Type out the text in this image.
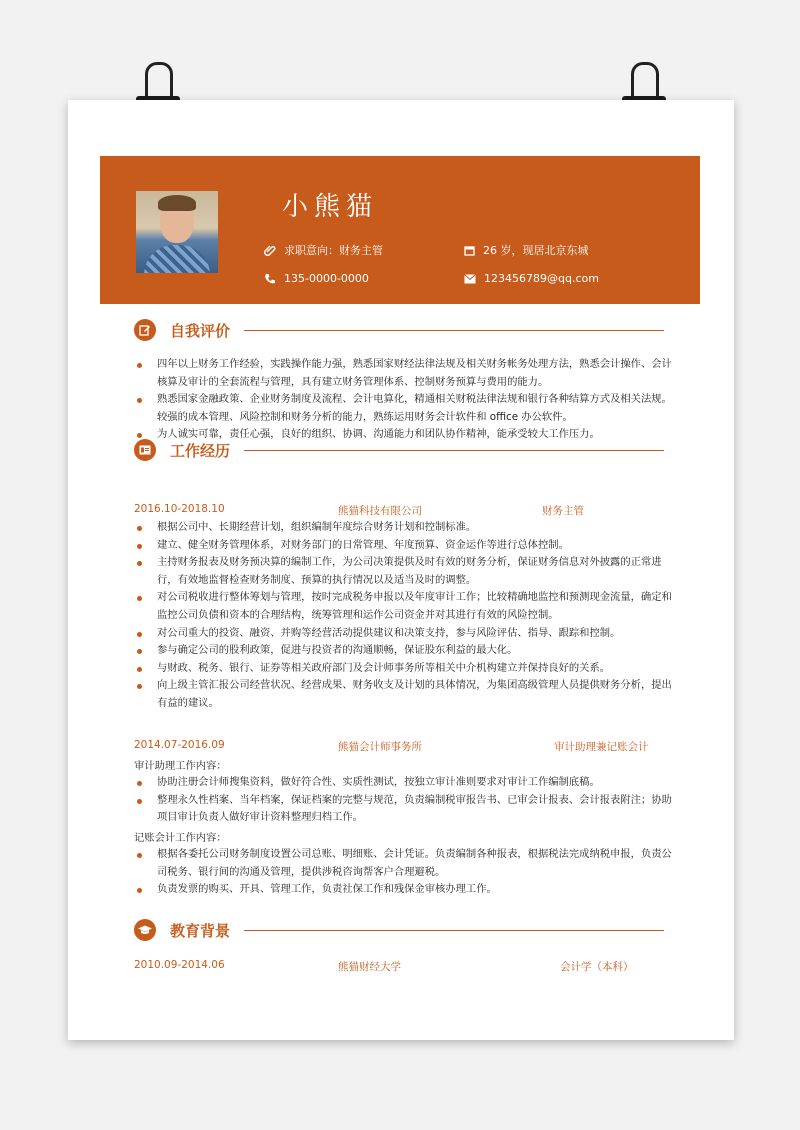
小熊猫
求职意向：财务主管	26 岁，现居北京东城
135-0000-0000	123456789@qq.com
自我评价
四年以上财务工作经验，实践操作能力强，熟悉国家财经法律法规及相关财务帐务处理方法，熟悉会计操作、会计核算及审计的全套流程与管理，具有建立财务管理体系、控制财务预算与费用的能力。
熟悉国家金融政策、企业财务制度及流程、会计电算化，精通相关财税法律法规和银行各种结算方式及相关法规。较强的成本管理、风险控制和财务分析的能力，熟练运用财务会计软件和 office 办公软件。
为人诚实可靠，责任心强，良好的组织、协调、沟通能力和团队协作精神，能承受较大工作压力。
工作经历
2016.10-2018.10	熊猫科技有限公司	财务主管
根据公司中、长期经营计划，组织编制年度综合财务计划和控制标准。
建立、健全财务管理体系，对财务部门的日常管理、年度预算、资金运作等进行总体控制。
主持财务报表及财务预决算的编制工作，为公司决策提供及时有效的财务分析，保证财务信息对外披露的正常进行，有效地监督检查财务制度、预算的执行情况以及适当及时的调整。
对公司税收进行整体筹划与管理，按时完成税务申报以及年度审计工作；比较精确地监控和预测现金流量，确定和监控公司负债和资本的合理结构，统筹管理和运作公司资金并对其进行有效的风险控制。
对公司重大的投资、融资、并购等经营活动提供建议和决策支持，参与风险评估、指导、跟踪和控制。
参与确定公司的股利政策，促进与投资者的沟通顺畅，保证股东利益的最大化。
与财政、税务、银行、证券等相关政府部门及会计师事务所等相关中介机构建立并保持良好的关系。
向上级主管汇报公司经营状况、经营成果、财务收支及计划的具体情况，为集团高级管理人员提供财务分析，提出有益的建议。
2014.07-2016.09	熊猫会计师事务所	审计助理兼记账会计
审计助理工作内容：
协助注册会计师搜集资料，做好符合性、实质性测试，按独立审计准则要求对审计工作编制底稿。
整理永久性档案、当年档案，保证档案的完整与规范，负责编制税审报告书、已审会计报表、会计报表附注；协助项目审计负责人做好审计资料整理归档工作。
记账会计工作内容：
根据各委托公司财务制度设置公司总账、明细账、会计凭证。负责编制各种报表，根据税法完成纳税申报，负责公司税务、银行间的沟通及管理，提供涉税咨询帮客户合理避税。
负责发票的购买、开具、管理工作，负责社保工作和残保金审核办理工作。
教育背景
2010.09-2014.06	熊猫财经大学	会计学（本科）
